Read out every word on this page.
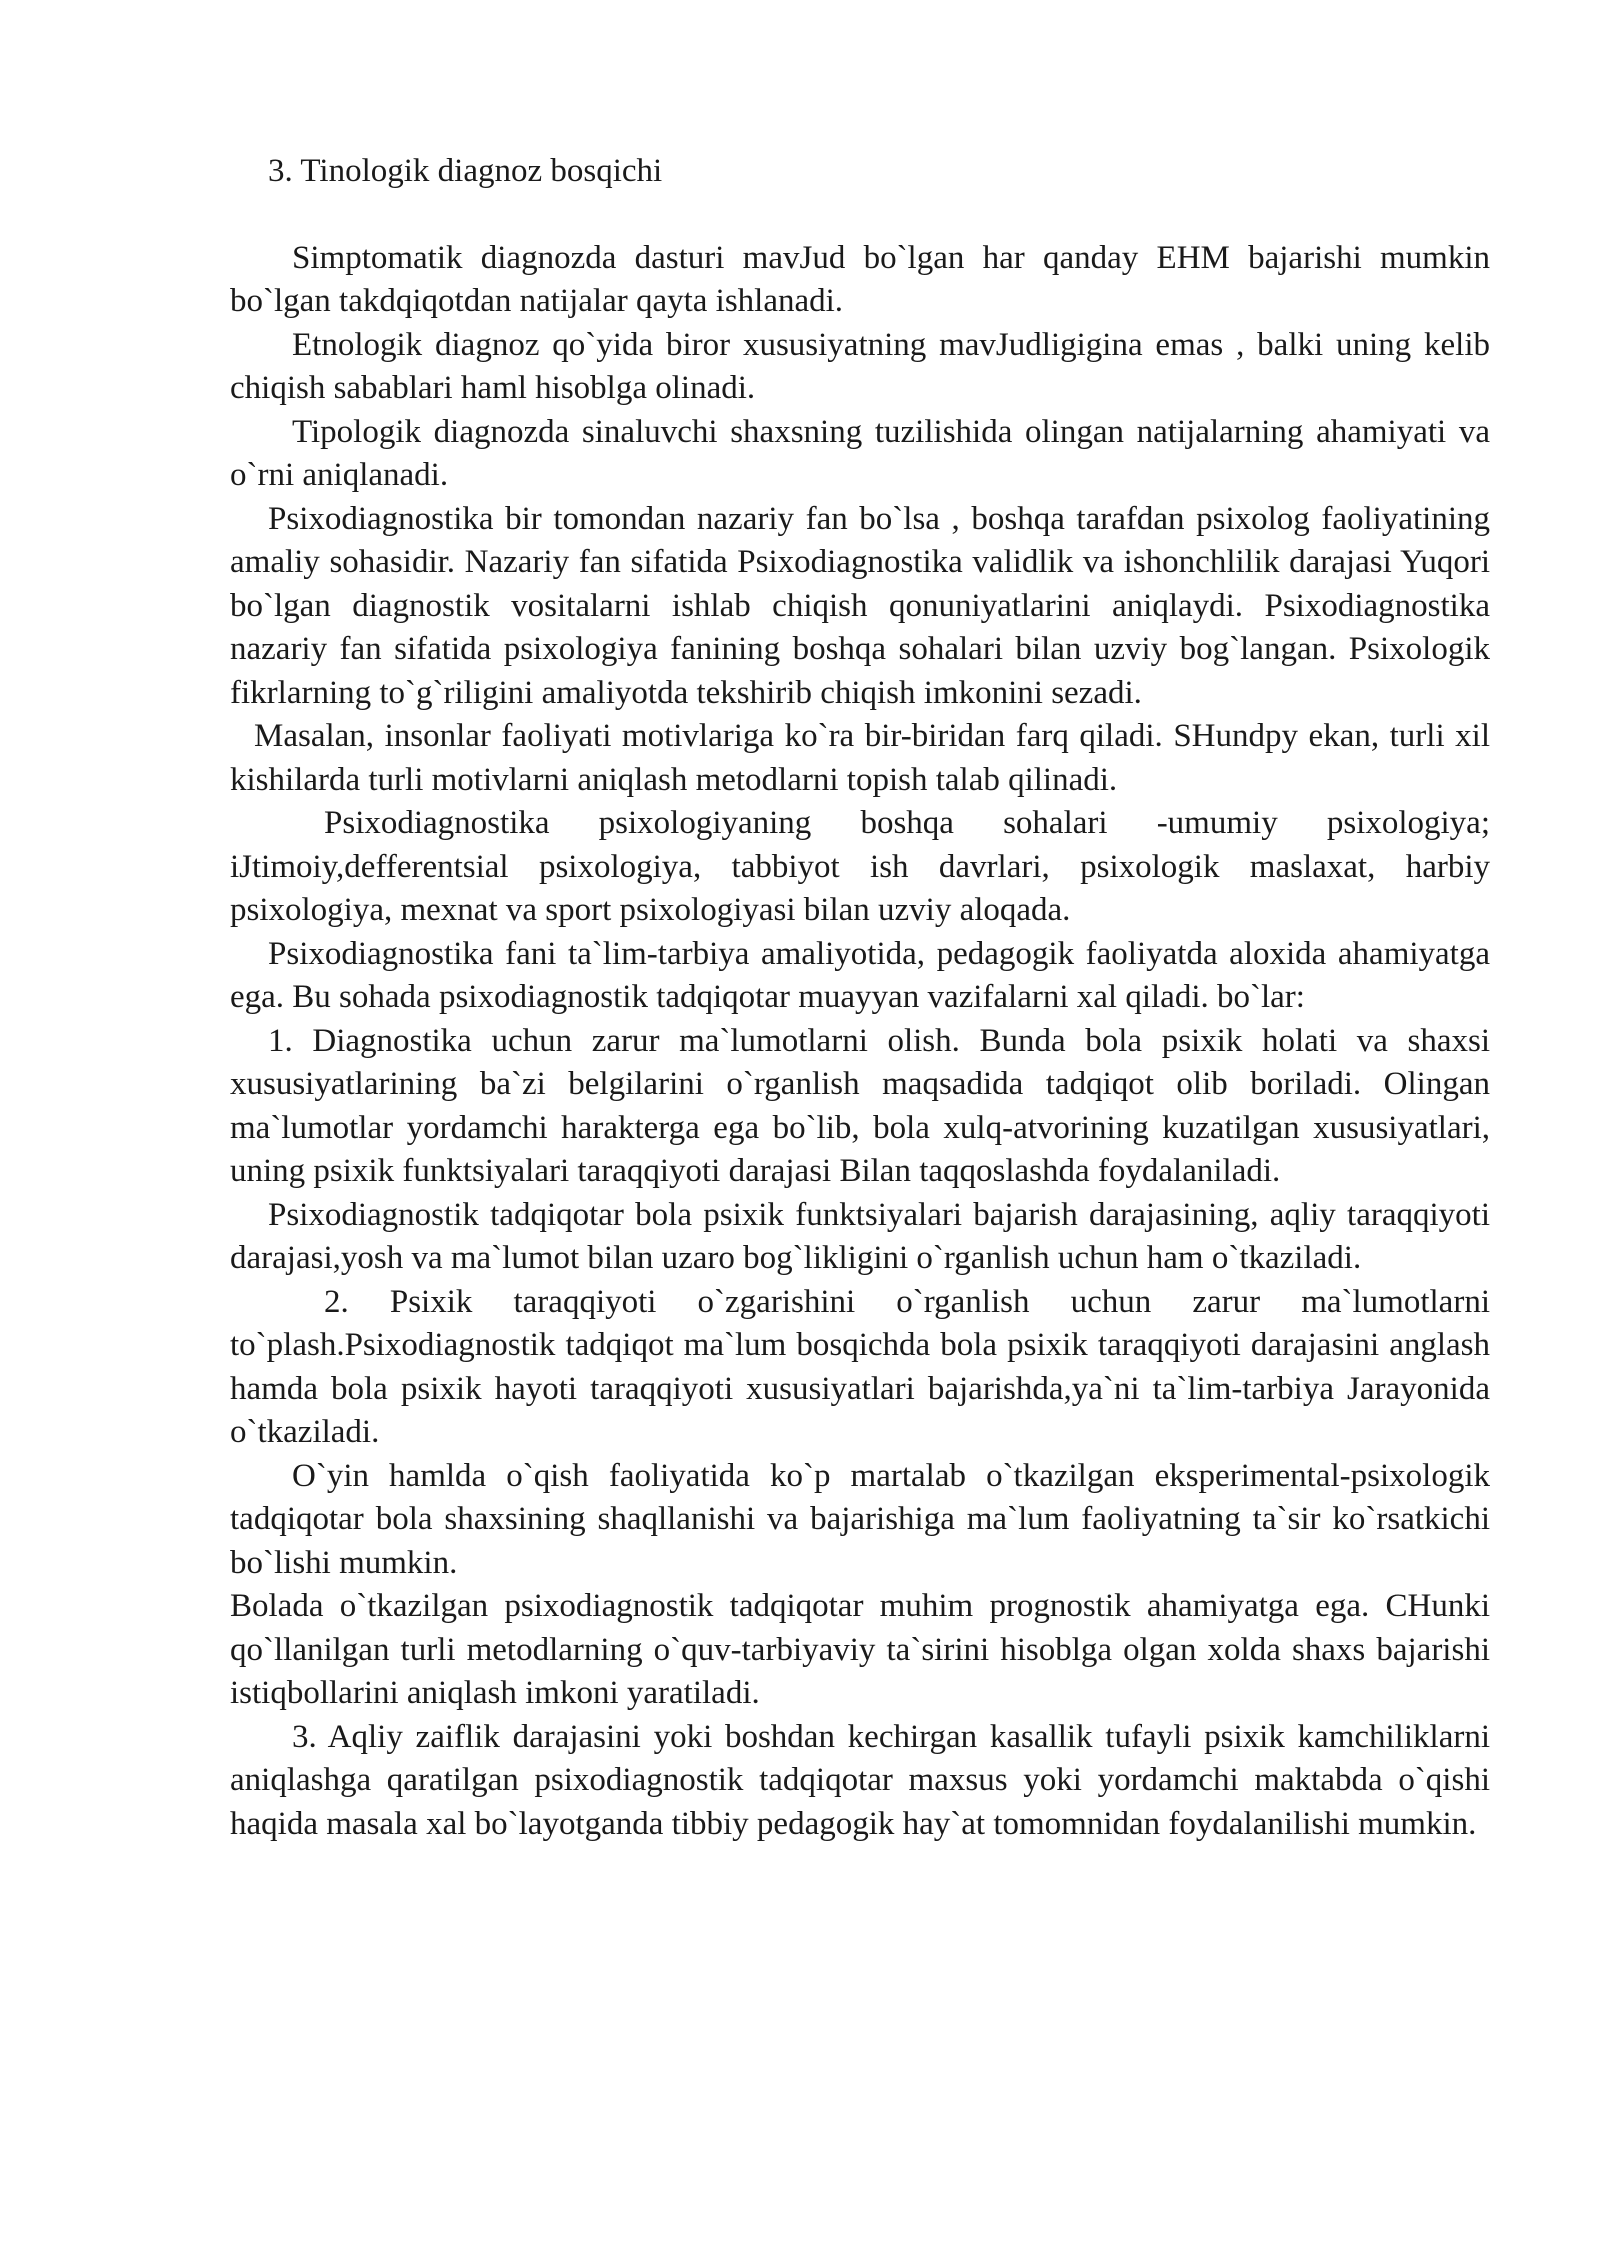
3. Tinologik diagnoz bosqichi

Simptomatik diagnozda dasturi mavJud bo`lgan har qanday EHM bajarishi mumkin bo`lgan takdqiqotdan natijalar qayta ishlanadi.

Etnologik diagnoz qo`yida biror xususiyatning mavJudligigina emas , balki uning kelib chiqish sabablari haml hisoblga olinadi.

Tipologik diagnozda sinaluvchi shaxsning tuzilishida olingan natijalarning ahamiyati va o`rni aniqlanadi.

Psixodiagnostika bir tomondan nazariy fan bo`lsa , boshqa tarafdan psixolog faoliyatining amaliy sohasidir. Nazariy fan sifatida Psixodiagnostika validlik va ishonchlilik darajasi Yuqori bo`lgan diagnostik vositalarni ishlab chiqish qonuniyatlarini aniqlaydi. Psixodiagnostika nazariy fan sifatida psixologiya fanining boshqa sohalari bilan uzviy bog`langan. Psixologik fikrlarning to`g`riligini amaliyotda tekshirib chiqish imkonini sezadi.

Masalan, insonlar faoliyati motivlariga ko`ra bir-biridan farq qiladi. SHundpy ekan, turli xil kishilarda turli motivlarni aniqlash metodlarni topish talab qilinadi.

Psixodiagnostika psixologiyaning boshqa sohalari -umumiy psixologiya; iJtimoiy,defferentsial psixologiya, tabbiyot ish davrlari, psixologik maslaxat, harbiy psixologiya, mexnat va sport psixologiyasi bilan uzviy aloqada.

Psixodiagnostika fani ta`lim-tarbiya amaliyotida, pedagogik faoliyatda aloxida ahamiyatga ega. Bu sohada psixodiagnostik tadqiqotar muayyan vazifalarni xal qiladi. bo`lar:

1. Diagnostika uchun zarur ma`lumotlarni olish. Bunda bola psixik holati va shaxsi xususiyatlarining ba`zi belgilarini o`rganlish maqsadida tadqiqot olib boriladi. Olingan ma`lumotlar yordamchi harakterga ega bo`lib, bola xulq-atvorining kuzatilgan xususiyatlari, uning psixik funktsiyalari taraqqiyoti darajasi Bilan taqqoslashda foydalaniladi.

Psixodiagnostik tadqiqotar bola psixik funktsiyalari bajarish darajasining, aqliy taraqqiyoti darajasi,yosh va ma`lumot bilan uzaro bog`likligini o`rganlish uchun ham o`tkaziladi.

2. Psixik taraqqiyoti o`zgarishini o`rganlish uchun zarur ma`lumotlarni to`plash.Psixodiagnostik tadqiqot ma`lum bosqichda bola psixik taraqqiyoti darajasini anglash hamda bola psixik hayoti taraqqiyoti xususiyatlari bajarishda,ya`ni ta`lim-tarbiya Jarayonida o`tkaziladi.

O`yin hamlda o`qish faoliyatida ko`p martalab o`tkazilgan eksperimental-psixologik tadqiqotar bola shaxsining shaqllanishi va bajarishiga ma`lum faoliyatning ta`sir ko`rsatkichi bo`lishi mumkin.

Bolada o`tkazilgan psixodiagnostik tadqiqotar muhim prognostik ahamiyatga ega. CHunki qo`llanilgan turli metodlarning o`quv-tarbiyaviy ta`sirini hisoblga olgan xolda shaxs bajarishi istiqbollarini aniqlash imkoni yaratiladi.

3. Aqliy zaiflik darajasini yoki boshdan kechirgan kasallik tufayli psixik kamchiliklarni aniqlashga qaratilgan psixodiagnostik tadqiqotar maxsus yoki yordamchi maktabda o`qishi haqida masala xal bo`layotganda tibbiy pedagogik hay`at tomomnidan foydalanilishi mumkin.
